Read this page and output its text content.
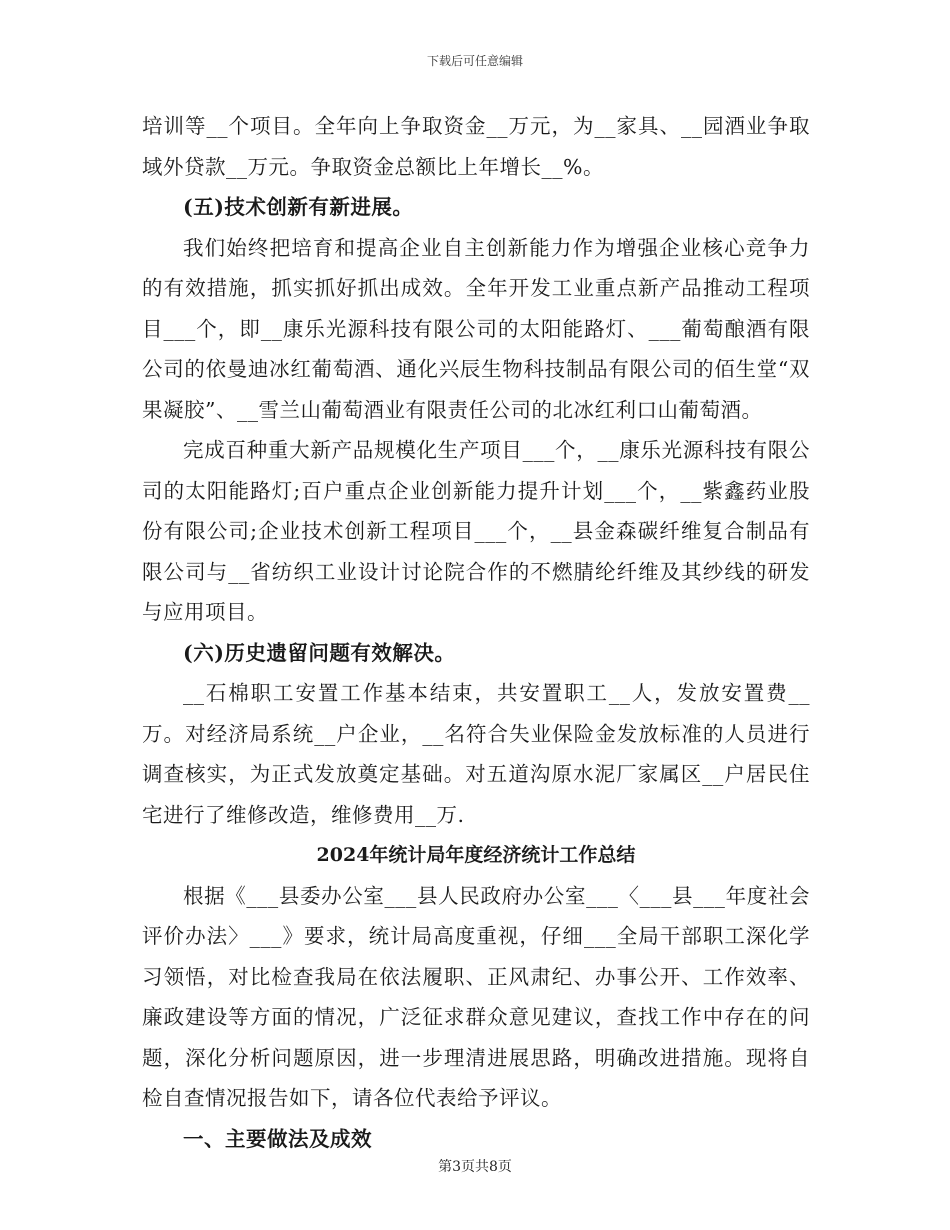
下载后可任意编辑

培训等__个项目。全年向上争取资金__万元，为__家具、__园酒业争取域外贷款__万元。争取资金总额比上年增长__%。

(五)技术创新有新进展。

我们始终把培育和提高企业自主创新能力作为增强企业核心竞争力的有效措施，抓实抓好抓出成效。全年开发工业重点新产品推动工程项目___个，即__康乐光源科技有限公司的太阳能路灯、___葡萄酿酒有限公司的依曼迪冰红葡萄酒、通化兴辰生物科技制品有限公司的佰生堂“双果凝胶”、__雪兰山葡萄酒业有限责任公司的北冰红利口山葡萄酒。

完成百种重大新产品规模化生产项目___个，__康乐光源科技有限公司的太阳能路灯;百户重点企业创新能力提升计划___个，__紫鑫药业股份有限公司;企业技术创新工程项目___个，__县金森碳纤维复合制品有限公司与__省纺织工业设计讨论院合作的不燃腈纶纤维及其纱线的研发与应用项目。

(六)历史遗留问题有效解决。

__石棉职工安置工作基本结束，共安置职工__人，发放安置费__万。对经济局系统__户企业，__名符合失业保险金发放标准的人员进行调查核实，为正式发放奠定基础。对五道沟原水泥厂家属区__户居民住宅进行了维修改造，维修费用__万.

2024年统计局年度经济统计工作总结

根据《___县委办公室___县人民政府办公室___〈___县___年度社会评价办法〉___》要求，统计局高度重视，仔细___全局干部职工深化学习领悟，对比检查我局在依法履职、正风肃纪、办事公开、工作效率、廉政建设等方面的情况，广泛征求群众意见建议，查找工作中存在的问题，深化分析问题原因，进一步理清进展思路，明确改进措施。现将自检自查情况报告如下，请各位代表给予评议。

一、主要做法及成效

第3页共8页
